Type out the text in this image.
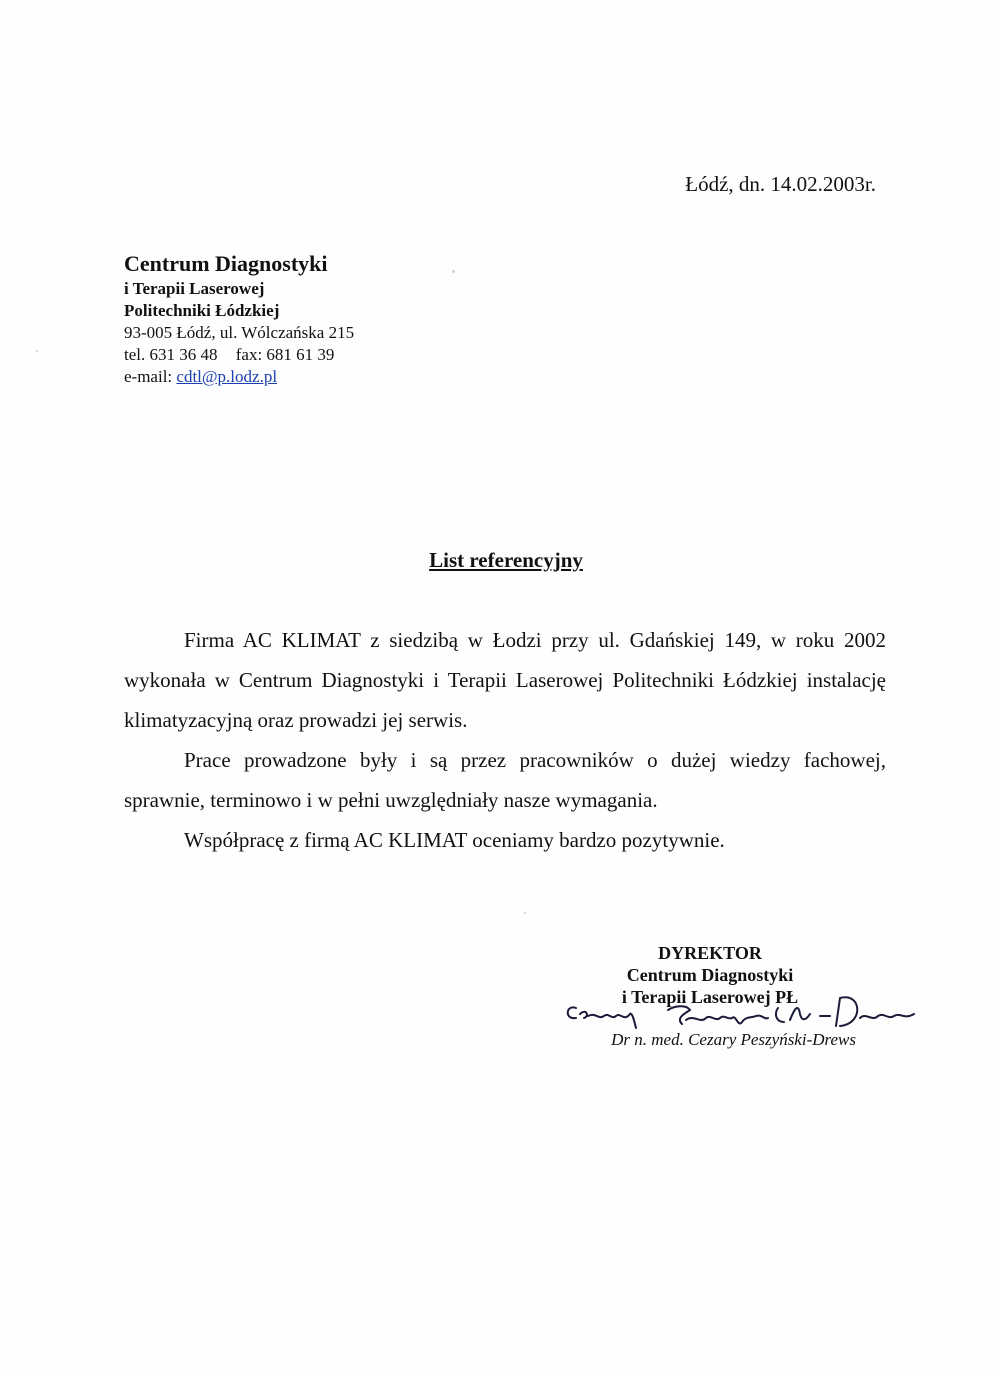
Łódź, dn. 14.02.2003r.
Centrum Diagnostyki
i Terapii Laserowej
Politechniki Łódzkiej
93-005 Łódź, ul. Wólczańska 215
tel. 631 36 48 fax: 681 61 39
e-mail: cdtl@p.lodz.pl
List referencyjny

Firma AC KLIMAT z siedzibą w Łodzi przy ul. Gdańskiej 149, w roku 2002 wykonała w Centrum Diagnostyki i Terapii Laserowej Politechniki Łódzkiej instalację klimatyzacyjną oraz prowadzi jej serwis.

Prace prowadzone były i są przez pracowników o dużej wiedzy fachowej, sprawnie, terminowo i w pełni uwzględniały nasze wymagania.

Współpracę z firmą AC KLIMAT oceniamy bardzo pozytywnie.

DYREKTOR
Centrum Diagnostyki
i Terapii Laserowej PŁ
Dr n. med. Cezary Peszyński-Drews
